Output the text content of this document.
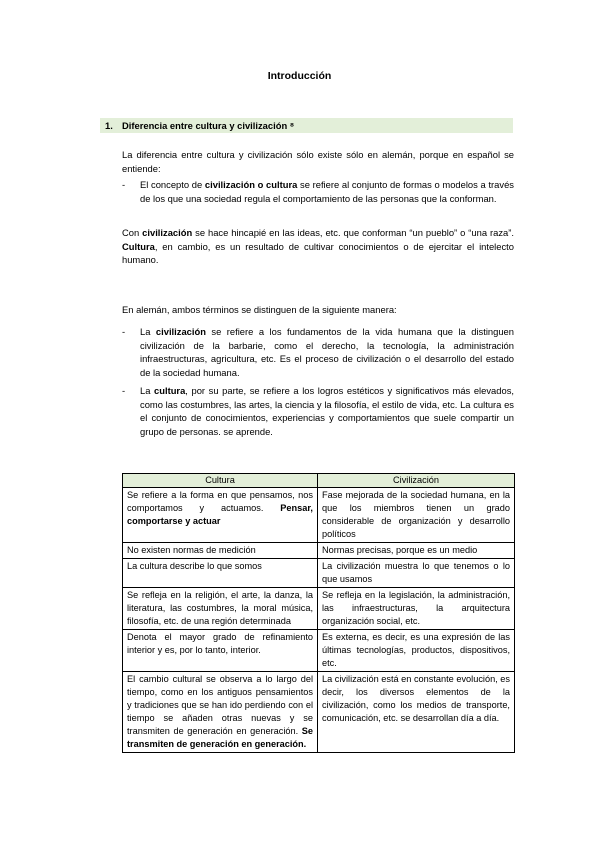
Introducción
1. Diferencia entre cultura y civilización ⁸
La diferencia entre cultura y civilización sólo existe sólo en alemán, porque en español se entiende:
- El concepto de civilización o cultura se refiere al conjunto de formas o modelos a través de los que una sociedad regula el comportamiento de las personas que la conforman.
Con civilización se hace hincapié en las ideas, etc. que conforman “un pueblo” o “una raza”. Cultura, en cambio, es un resultado de cultivar conocimientos o de ejercitar el intelecto humano.
En alemán, ambos términos se distinguen de la siguiente manera:
- La civilización se refiere a los fundamentos de la vida humana que la distinguen civilización de la barbarie, como el derecho, la tecnología, la administración infraestructuras, agricultura, etc. Es el proceso de civilización o el desarrollo del estado de la sociedad humana.
- La cultura, por su parte, se refiere a los logros estéticos y significativos más elevados, como las costumbres, las artes, la ciencia y la filosofía, el estilo de vida, etc. La cultura es el conjunto de conocimientos, experiencias y comportamientos que suele compartir un grupo de personas. se aprende.
Cultura	Civilización
Se refiere a la forma en que pensamos, nos comportamos y actuamos. Pensar, comportarse y actuar	Fase mejorada de la sociedad humana, en la que los miembros tienen un grado considerable de organización y desarrollo políticos
No existen normas de medición	Normas precisas, porque es un medio
La cultura describe lo que somos	La civilización muestra lo que tenemos o lo que usamos
Se refleja en la religión, el arte, la danza, la literatura, las costumbres, la moral música, filosofía, etc. de una región determinada	Se refleja en la legislación, la administración, las infraestructuras, la arquitectura organización social, etc.
Denota el mayor grado de refinamiento interior y es, por lo tanto, interior.	Es externa, es decir, es una expresión de las últimas tecnologías, productos, dispositivos, etc.
El cambio cultural se observa a lo largo del tiempo, como en los antiguos pensamientos y tradiciones que se han ido perdiendo con el tiempo se añaden otras nuevas y se transmiten de generación en generación. Se transmiten de generación en generación.	La civilización está en constante evolución, es decir, los diversos elementos de la civilización, como los medios de transporte, comunicación, etc. se desarrollan día a día.
